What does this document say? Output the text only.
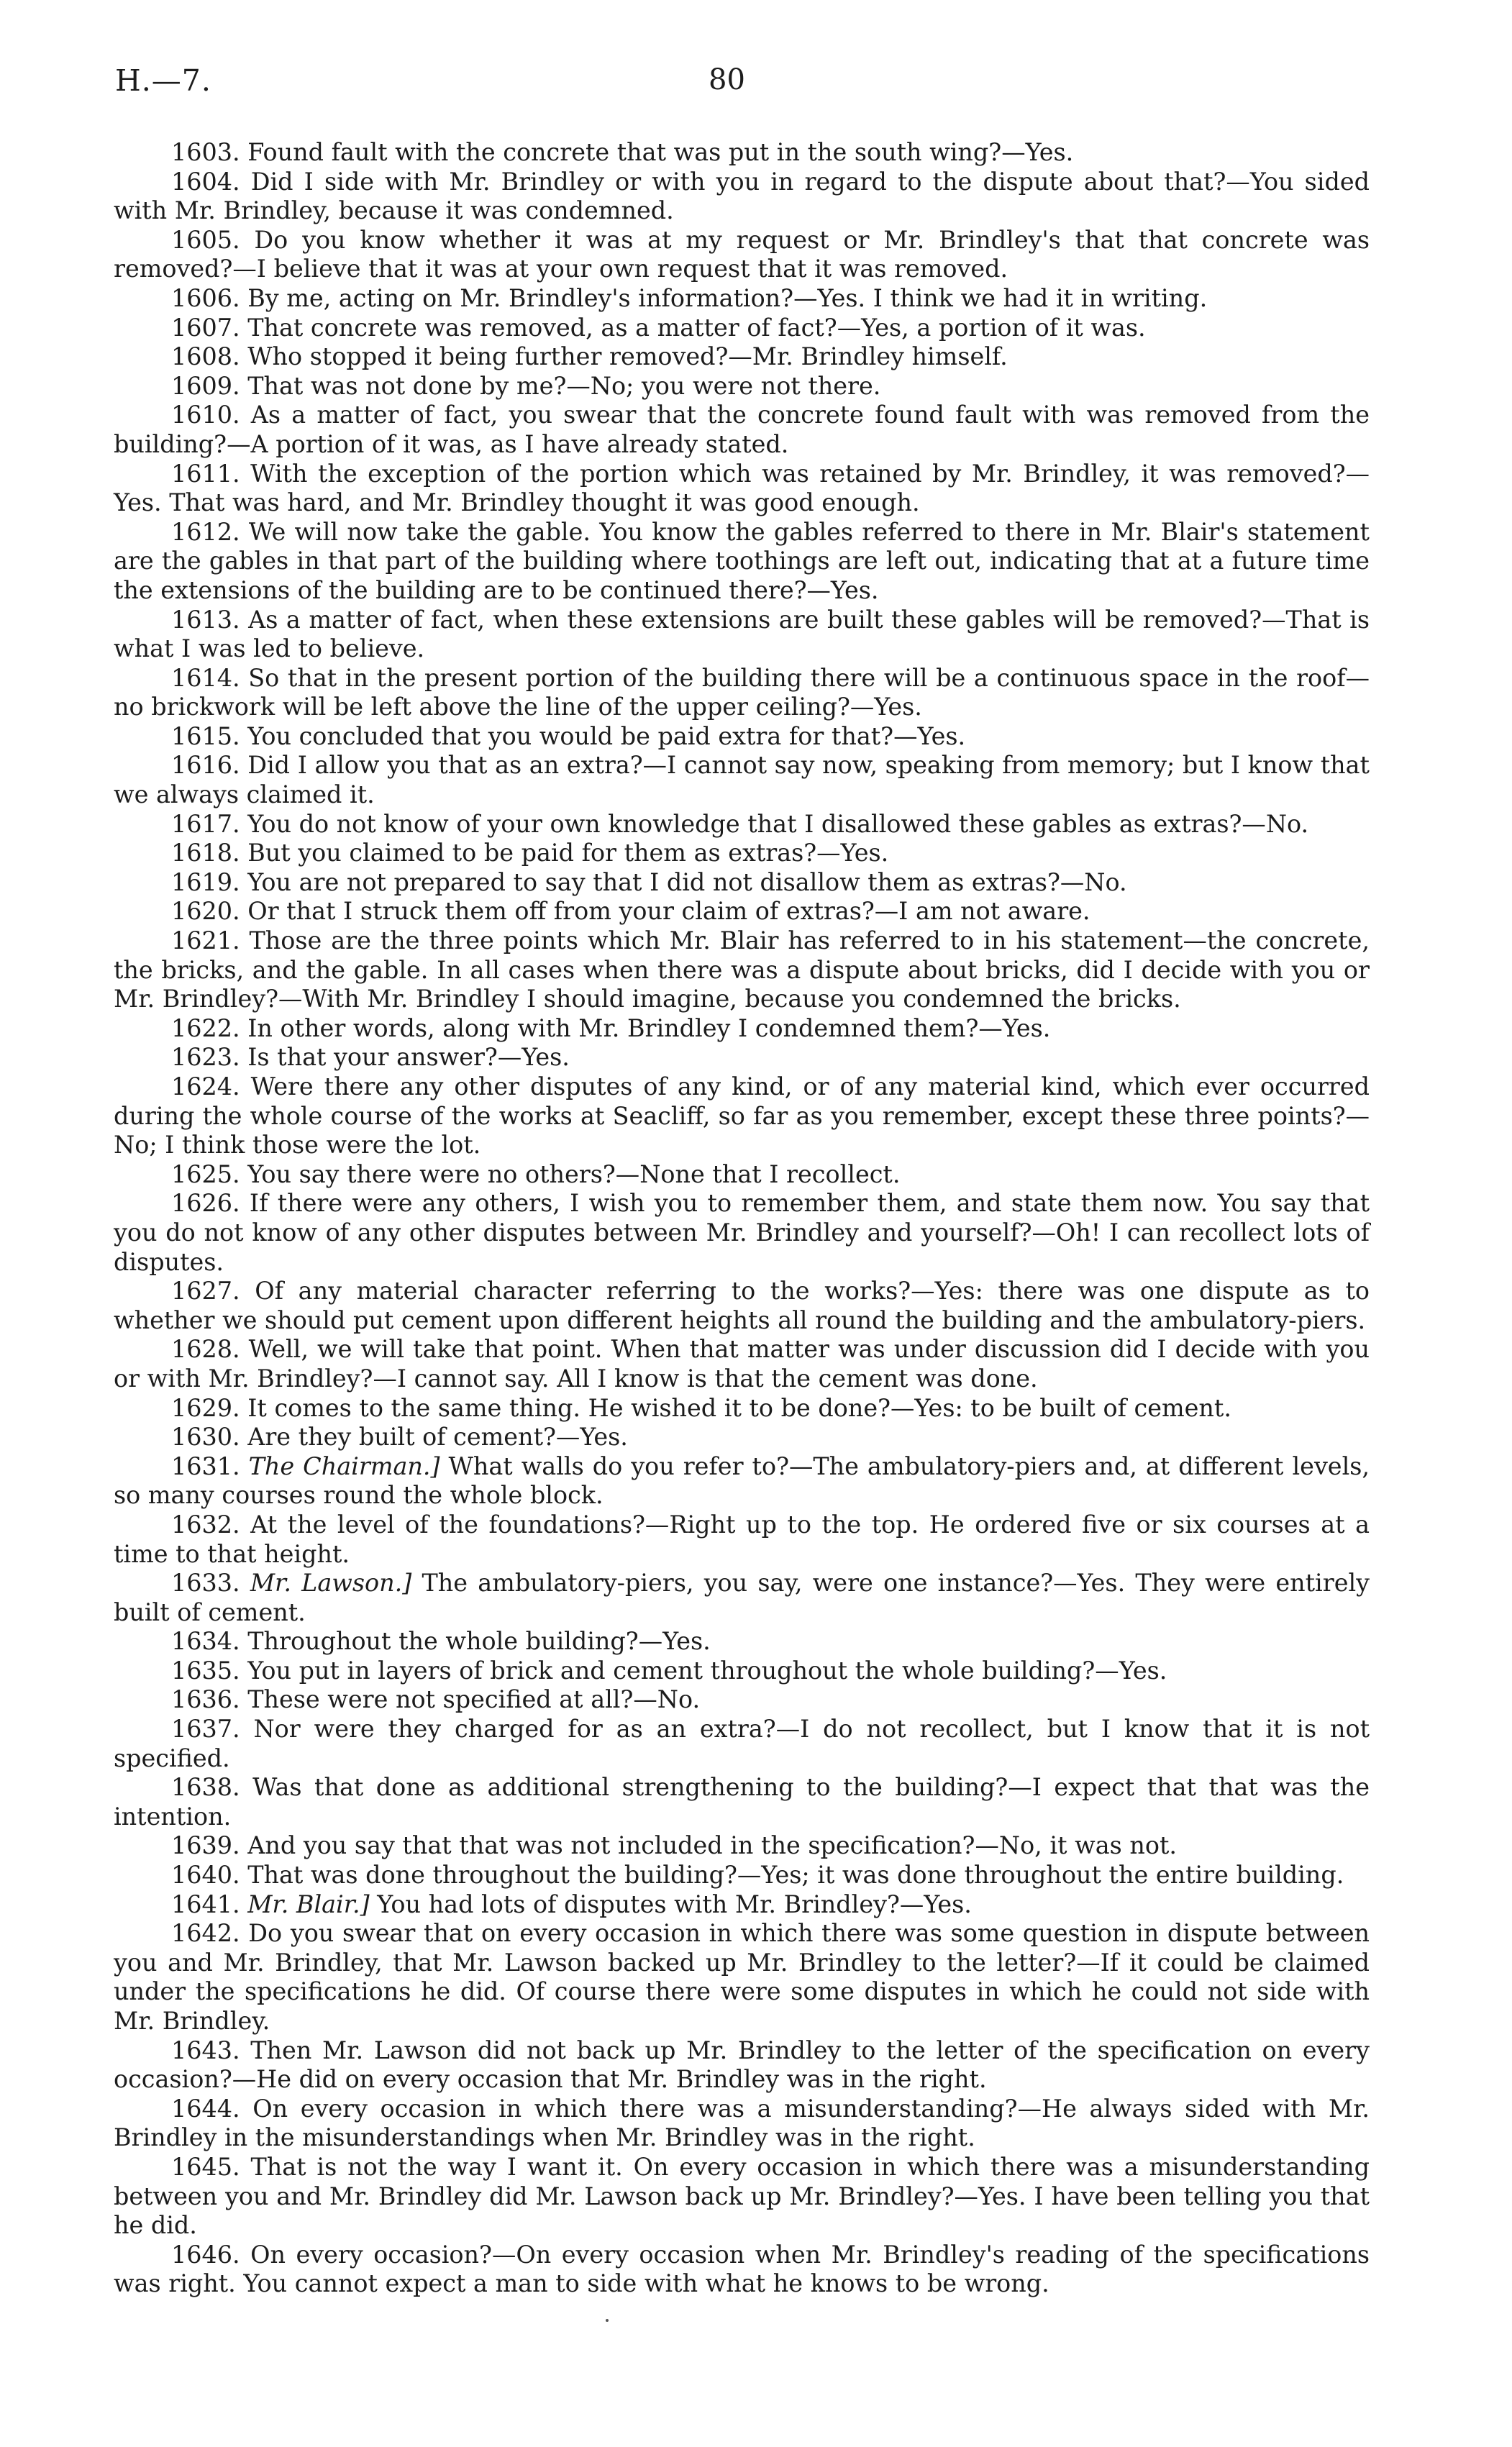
H.—7.	80

1603. Found fault with the concrete that was put in the south wing?—Yes.

1604. Did I side with Mr. Brindley or with you in regard to the dispute about that?—You sided with Mr. Brindley, because it was condemned.

1605. Do you know whether it was at my request or Mr. Brindley's that that concrete was removed?—I believe that it was at your own request that it was removed.

1606. By me, acting on Mr. Brindley's information?—Yes. I think we had it in writing.

1607. That concrete was removed, as a matter of fact?—Yes, a portion of it was.

1608. Who stopped it being further removed?—Mr. Brindley himself.

1609. That was not done by me?—No; you were not there.

1610. As a matter of fact, you swear that the concrete found fault with was removed from the building?—A portion of it was, as I have already stated.

1611. With the exception of the portion which was retained by Mr. Brindley, it was removed?—Yes. That was hard, and Mr. Brindley thought it was good enough.

1612. We will now take the gable. You know the gables referred to there in Mr. Blair's statement are the gables in that part of the building where toothings are left out, indicating that at a future time the extensions of the building are to be continued there?—Yes.

1613. As a matter of fact, when these extensions are built these gables will be removed?—That is what I was led to believe.

1614. So that in the present portion of the building there will be a continuous space in the roof—no brickwork will be left above the line of the upper ceiling?—Yes.

1615. You concluded that you would be paid extra for that?—Yes.

1616. Did I allow you that as an extra?—I cannot say now, speaking from memory; but I know that we always claimed it.

1617. You do not know of your own knowledge that I disallowed these gables as extras?—No.

1618. But you claimed to be paid for them as extras?—Yes.

1619. You are not prepared to say that I did not disallow them as extras?—No.

1620. Or that I struck them off from your claim of extras?—I am not aware.

1621. Those are the three points which Mr. Blair has referred to in his statement—the concrete, the bricks, and the gable. In all cases when there was a dispute about bricks, did I decide with you or Mr. Brindley?—With Mr. Brindley I should imagine, because you condemned the bricks.

1622. In other words, along with Mr. Brindley I condemned them?—Yes.

1623. Is that your answer?—Yes.

1624. Were there any other disputes of any kind, or of any material kind, which ever occurred during the whole course of the works at Seacliff, so far as you remember, except these three points?—No; I think those were the lot.

1625. You say there were no others?—None that I recollect.

1626. If there were any others, I wish you to remember them, and state them now. You say that you do not know of any other disputes between Mr. Brindley and yourself?—Oh! I can recollect lots of disputes.

1627. Of any material character referring to the works?—Yes: there was one dispute as to whether we should put cement upon different heights all round the building and the ambulatory-piers.

1628. Well, we will take that point. When that matter was under discussion did I decide with you or with Mr. Brindley?—I cannot say. All I know is that the cement was done.

1629. It comes to the same thing. He wished it to be done?—Yes: to be built of cement.

1630. Are they built of cement?—Yes.

1631. The Chairman.] What walls do you refer to?—The ambulatory-piers and, at different levels, so many courses round the whole block.

1632. At the level of the foundations?—Right up to the top. He ordered five or six courses at a time to that height.

1633. Mr. Lawson.] The ambulatory-piers, you say, were one instance?—Yes. They were entirely built of cement.

1634. Throughout the whole building?—Yes.

1635. You put in layers of brick and cement throughout the whole building?—Yes.

1636. These were not specified at all?—No.

1637. Nor were they charged for as an extra?—I do not recollect, but I know that it is not specified.

1638. Was that done as additional strengthening to the building?—I expect that that was the intention.

1639. And you say that that was not included in the specification?—No, it was not.

1640. That was done throughout the building?—Yes; it was done throughout the entire building.

1641. Mr. Blair.] You had lots of disputes with Mr. Brindley?—Yes.

1642. Do you swear that on every occasion in which there was some question in dispute between you and Mr. Brindley, that Mr. Lawson backed up Mr. Brindley to the letter?—If it could be claimed under the specifications he did. Of course there were some disputes in which he could not side with Mr. Brindley.

1643. Then Mr. Lawson did not back up Mr. Brindley to the letter of the specification on every occasion?—He did on every occasion that Mr. Brindley was in the right.

1644. On every occasion in which there was a misunderstanding?—He always sided with Mr. Brindley in the misunderstandings when Mr. Brindley was in the right.

1645. That is not the way I want it. On every occasion in which there was a misunderstanding between you and Mr. Brindley did Mr. Lawson back up Mr. Brindley?—Yes. I have been telling you that he did.

1646. On every occasion?—On every occasion when Mr. Brindley's reading of the specifications was right. You cannot expect a man to side with what he knows to be wrong.
